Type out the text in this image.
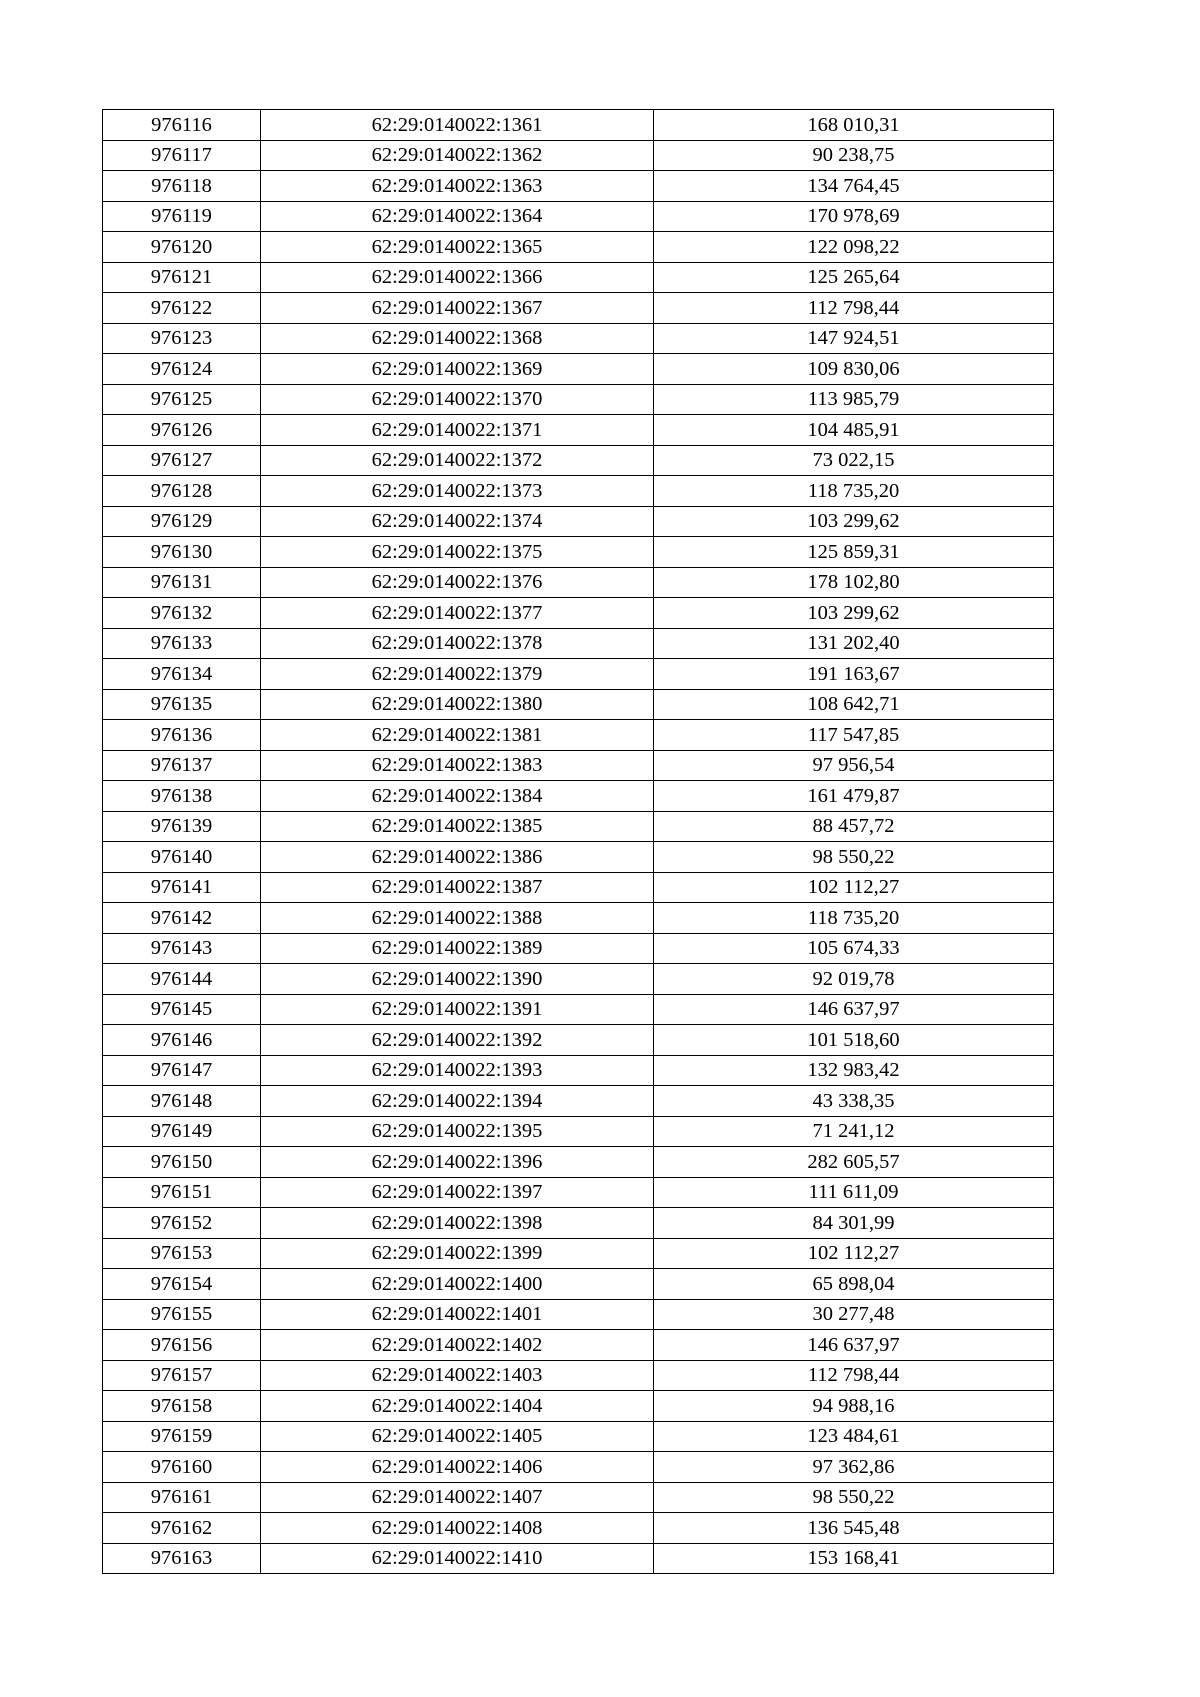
976116	62:29:0140022:1361	168 010,31
976117	62:29:0140022:1362	90 238,75
976118	62:29:0140022:1363	134 764,45
976119	62:29:0140022:1364	170 978,69
976120	62:29:0140022:1365	122 098,22
976121	62:29:0140022:1366	125 265,64
976122	62:29:0140022:1367	112 798,44
976123	62:29:0140022:1368	147 924,51
976124	62:29:0140022:1369	109 830,06
976125	62:29:0140022:1370	113 985,79
976126	62:29:0140022:1371	104 485,91
976127	62:29:0140022:1372	73 022,15
976128	62:29:0140022:1373	118 735,20
976129	62:29:0140022:1374	103 299,62
976130	62:29:0140022:1375	125 859,31
976131	62:29:0140022:1376	178 102,80
976132	62:29:0140022:1377	103 299,62
976133	62:29:0140022:1378	131 202,40
976134	62:29:0140022:1379	191 163,67
976135	62:29:0140022:1380	108 642,71
976136	62:29:0140022:1381	117 547,85
976137	62:29:0140022:1383	97 956,54
976138	62:29:0140022:1384	161 479,87
976139	62:29:0140022:1385	88 457,72
976140	62:29:0140022:1386	98 550,22
976141	62:29:0140022:1387	102 112,27
976142	62:29:0140022:1388	118 735,20
976143	62:29:0140022:1389	105 674,33
976144	62:29:0140022:1390	92 019,78
976145	62:29:0140022:1391	146 637,97
976146	62:29:0140022:1392	101 518,60
976147	62:29:0140022:1393	132 983,42
976148	62:29:0140022:1394	43 338,35
976149	62:29:0140022:1395	71 241,12
976150	62:29:0140022:1396	282 605,57
976151	62:29:0140022:1397	111 611,09
976152	62:29:0140022:1398	84 301,99
976153	62:29:0140022:1399	102 112,27
976154	62:29:0140022:1400	65 898,04
976155	62:29:0140022:1401	30 277,48
976156	62:29:0140022:1402	146 637,97
976157	62:29:0140022:1403	112 798,44
976158	62:29:0140022:1404	94 988,16
976159	62:29:0140022:1405	123 484,61
976160	62:29:0140022:1406	97 362,86
976161	62:29:0140022:1407	98 550,22
976162	62:29:0140022:1408	136 545,48
976163	62:29:0140022:1410	153 168,41
